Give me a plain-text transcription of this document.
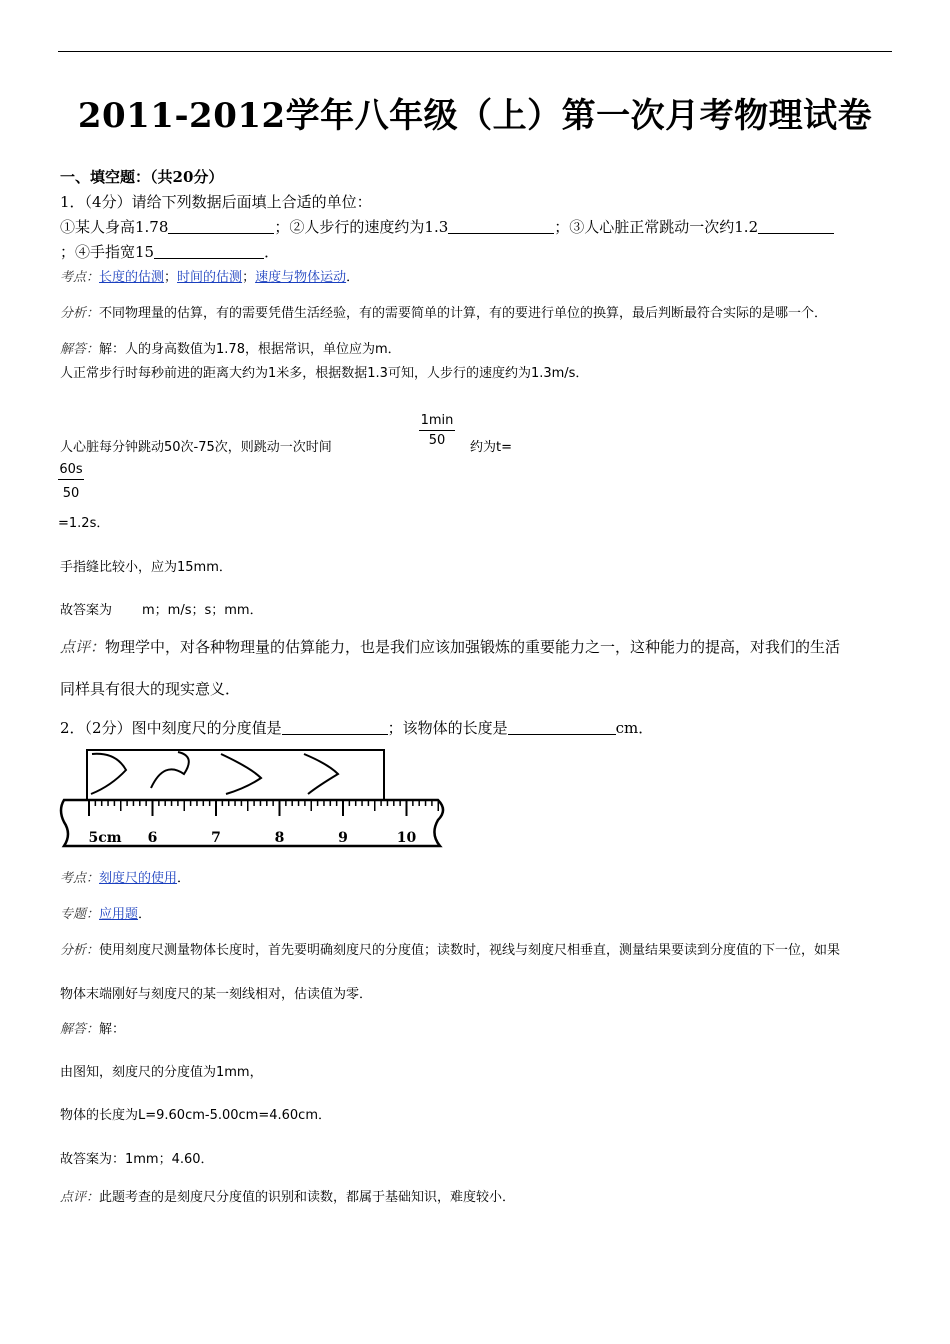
2011-2012学年八年级（上）第一次月考物理试卷
一、填空题：（共20分）
1．（4分）请给下列数据后面填上合适的单位：
①某人身高1.78	；②人步行的速度约为1.3	；③人心脏正常跳动一次约1.2
；④手指宽15	．
考点：长度的估测；时间的估测；速度与物体运动．
分析：不同物理量的估算，有的需要凭借生活经验，有的需要简单的计算，有的要进行单位的换算，最后判断最符合实际的是哪一个．
解答：解：人的身高数值为1.78，根据常识，单位应为m．
人正常步行时每秒前进的距离大约为1米多，根据数据1.3可知，人步行的速度约为1.3m/s．
人心脏每分钟跳动50次-75次，则跳动一次时间
1min
50	约为t=
60s
50
=1.2s．
手指缝比较小，应为15mm．
故答案为 m；m/s；s；mm．
点评：物理学中，对各种物理量的估算能力，也是我们应该加强锻炼的重要能力之一，这种能力的提高，对我们的生活
同样具有很大的现实意义．
2．（2分）图中刻度尺的分度值是	；该物体的长度是	cm．
5cm 6	7	8	9	10
考点：刻度尺的使用．
专题：应用题．
分析：使用刻度尺测量物体长度时，首先要明确刻度尺的分度值；读数时，视线与刻度尺相垂直，测量结果要读到分度值的下一位，如果
物体末端刚好与刻度尺的某一刻线相对，估读值为零．
解答：解：
由图知，刻度尺的分度值为1mm，
物体的长度为L=9.60cm-5.00cm=4.60cm．
故答案为：1mm；4.60．
点评：此题考查的是刻度尺分度值的识别和读数，都属于基础知识，难度较小．
